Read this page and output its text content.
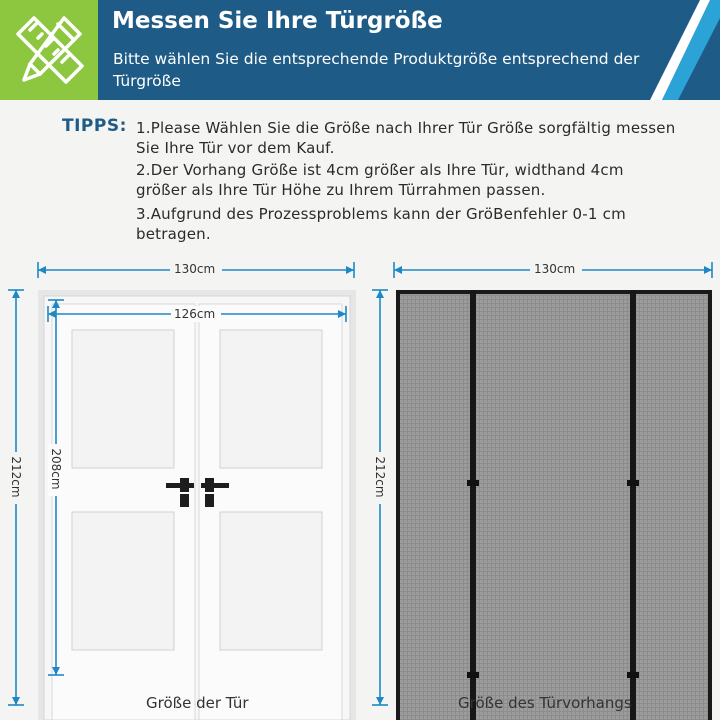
Messen Sie Ihre Türgröße
Bitte wählen Sie die entsprechende Produktgröße entsprechend der Türgröße
TIPPS: 1.Please Wählen Sie die Größe nach Ihrer Tür Größe sorgfältig messen Sie Ihre Tür vor dem Kauf.
2.Der Vorhang Größe ist 4cm größer als Ihre Tür, widthand 4cm größer als Ihre Tür Höhe zu Ihrem Türrahmen passen.
3.Aufgrund des Prozessproblems kann der GröBenfehler 0-1 cm betragen.
130cm
126cm
212cm 208cm
130cm
212cm
Größe der Tür	Größe des Türvorhangs
